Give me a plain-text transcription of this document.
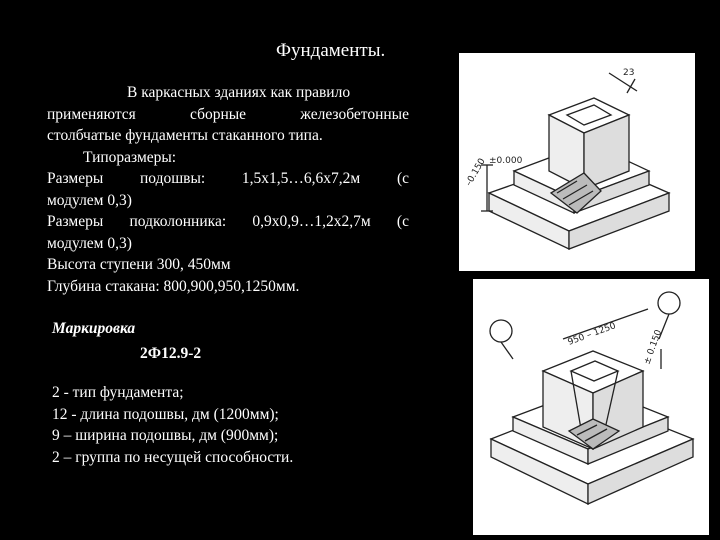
Фундаменты.
В каркасных зданиях как правило
применяются	сборные	железобетонные
столбчатые фундаменты стаканного типа.
Типоразмеры:
Размеры подошвы: 1,5х1,5…6,6х7,2м (с
модулем 0,3)
Размеры подколонника: 0,9х0,9…1,2х2,7м (с
модулем 0,3)
Высота ступени 300, 450мм
Глубина стакана: 800,900,950,1250мм.
Маркировка
2Ф12.9-2
2 - тип фундамента;
12 - длина подошвы, дм (1200мм);
9 – ширина подошвы, дм (900мм);
2 – группа по несущей способности.
–0.150 ±0.000
23
950 – 1250	± 0.150
